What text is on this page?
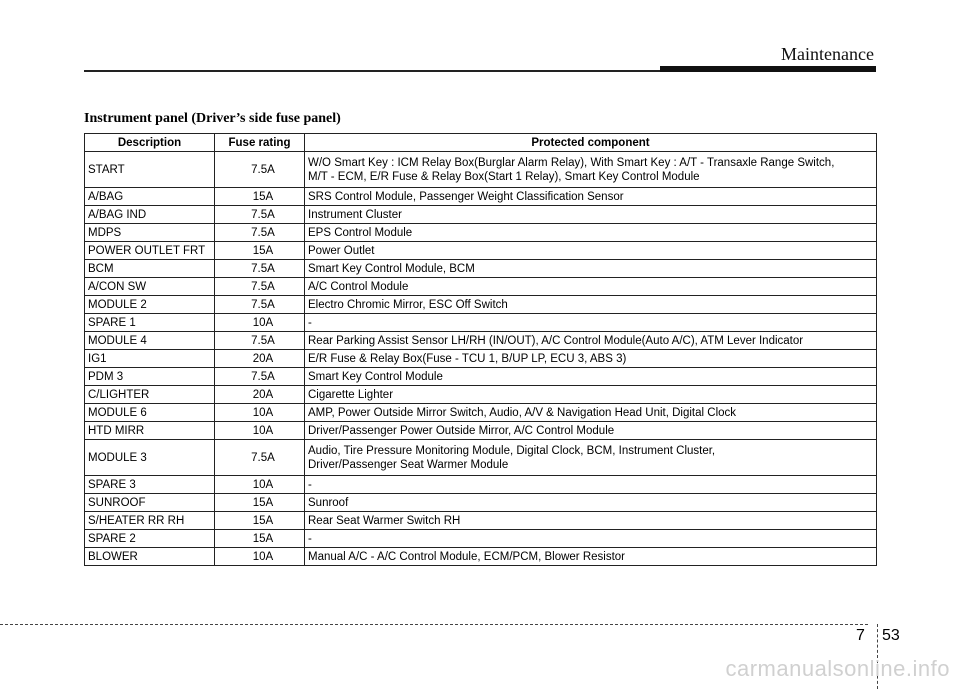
Maintenance
Instrument panel (Driver’s side fuse panel)
Description	Fuse rating	Protected component
START	7.5A	W/O Smart Key : ICM Relay Box(Burglar Alarm Relay), With Smart Key : A/T - Transaxle Range Switch,
M/T - ECM, E/R Fuse & Relay Box(Start 1 Relay), Smart Key Control Module

A/BAG	15A	SRS Control Module, Passenger Weight Classification Sensor

A/BAG IND	7.5A	Instrument Cluster

MDPS	7.5A	EPS Control Module

POWER OUTLET FRT	15A	Power Outlet

BCM	7.5A	Smart Key Control Module, BCM

A/CON SW	7.5A	A/C Control Module

MODULE 2	7.5A	Electro Chromic Mirror, ESC Off Switch

SPARE 1	10A	-

MODULE 4	7.5A	Rear Parking Assist Sensor LH/RH (IN/OUT), A/C Control Module(Auto A/C), ATM Lever Indicator

IG1	20A	E/R Fuse & Relay Box(Fuse - TCU 1, B/UP LP, ECU 3, ABS 3)

PDM 3	7.5A	Smart Key Control Module

C/LIGHTER	20A	Cigarette Lighter

MODULE 6	10A	AMP, Power Outside Mirror Switch, Audio, A/V & Navigation Head Unit, Digital Clock

HTD MIRR	10A	Driver/Passenger Power Outside Mirror, A/C Control Module

MODULE 3	7.5A	Audio, Tire Pressure Monitoring Module, Digital Clock, BCM, Instrument Cluster,
Driver/Passenger Seat Warmer Module

SPARE 3	10A	-

SUNROOF	15A	Sunroof

S/HEATER RR RH	15A	Rear Seat Warmer Switch RH

SPARE 2	15A	-

BLOWER	10A	Manual A/C - A/C Control Module, ECM/PCM, Blower Resistor
7 53
carmanualsonline.info
